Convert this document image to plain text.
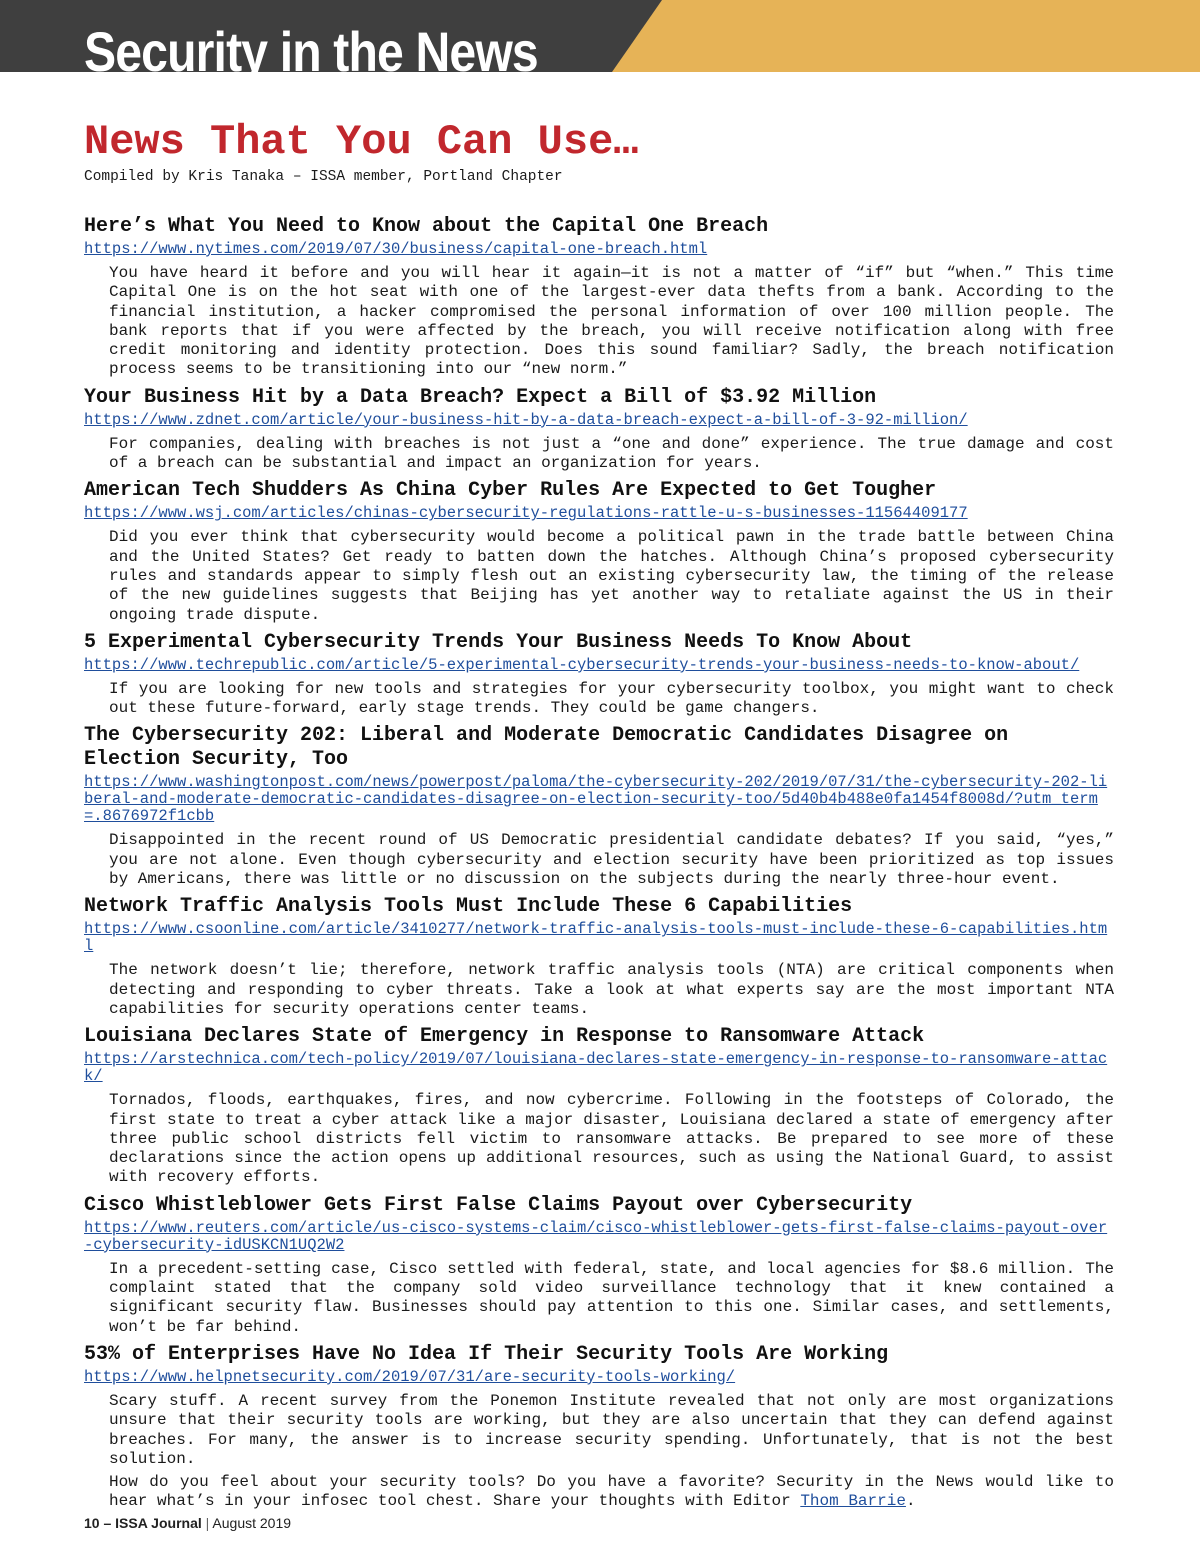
Security in the News
News That You Can Use…

Compiled by Kris Tanaka – ISSA member, Portland Chapter

Here’s What You Need to Know about the Capital One Breach
https://www.nytimes.com/2019/07/30/business/capital-one-breach.html

You have heard it before and you will hear it again—it is not a matter of “if” but “when.” This time Capital One is on the hot seat with one of the largest-ever data thefts from a bank. According to the financial institution, a hacker compromised the personal information of over 100 million people. The bank reports that if you were affected by the breach, you will receive notification along with free credit monitoring and identity protection. Does this sound familiar? Sadly, the breach notification process seems to be transitioning into our “new norm.”

Your Business Hit by a Data Breach? Expect a Bill of $3.92 Million
https://www.zdnet.com/article/your-business-hit-by-a-data-breach-expect-a-bill-of-3-92-million/

For companies, dealing with breaches is not just a “one and done” experience. The true damage and cost of a breach can be substantial and impact an organization for years.

American Tech Shudders As China Cyber Rules Are Expected to Get Tougher
https://www.wsj.com/articles/chinas-cybersecurity-regulations-rattle-u-s-businesses-11564409177

Did you ever think that cybersecurity would become a political pawn in the trade battle between China and the United States? Get ready to batten down the hatches. Although China’s proposed cybersecurity rules and standards appear to simply flesh out an existing cybersecurity law, the timing of the release of the new guidelines suggests that Beijing has yet another way to retaliate against the US in their ongoing trade dispute.

5 Experimental Cybersecurity Trends Your Business Needs To Know About
https://www.techrepublic.com/article/5-experimental-cybersecurity-trends-your-business-needs-to-know-about/

If you are looking for new tools and strategies for your cybersecurity toolbox, you might want to check out these future-forward, early stage trends. They could be game changers.

The Cybersecurity 202: Liberal and Moderate Democratic Candidates Disagree on Election Security, Too
https://www.washingtonpost.com/news/powerpost/paloma/the-cybersecurity-202/2019/07/31/the-cybersecurity-202-liberal-and-moderate-democratic-candidates-disagree-on-election-security-too/5d40b4b488e0fa1454f8008d/?utm_term=.8676972f1cbb

Disappointed in the recent round of US Democratic presidential candidate debates? If you said, “yes,” you are not alone. Even though cybersecurity and election security have been prioritized as top issues by Americans, there was little or no discussion on the subjects during the nearly three-hour event.

Network Traffic Analysis Tools Must Include These 6 Capabilities
https://www.csoonline.com/article/3410277/network-traffic-analysis-tools-must-include-these-6-capabilities.html

The network doesn’t lie; therefore, network traffic analysis tools (NTA) are critical components when detecting and responding to cyber threats. Take a look at what experts say are the most important NTA capabilities for security operations center teams.

Louisiana Declares State of Emergency in Response to Ransomware Attack
https://arstechnica.com/tech-policy/2019/07/louisiana-declares-state-emergency-in-response-to-ransomware-attack/

Tornados, floods, earthquakes, fires, and now cybercrime. Following in the footsteps of Colorado, the first state to treat a cyber attack like a major disaster, Louisiana declared a state of emergency after three public school districts fell victim to ransomware attacks. Be prepared to see more of these declarations since the action opens up additional resources, such as using the National Guard, to assist with recovery efforts.

Cisco Whistleblower Gets First False Claims Payout over Cybersecurity
https://www.reuters.com/article/us-cisco-systems-claim/cisco-whistleblower-gets-first-false-claims-payout-over-cybersecurity-idUSKCN1UQ2W2

In a precedent-setting case, Cisco settled with federal, state, and local agencies for $8.6 million. The complaint stated that the company sold video surveillance technology that it knew contained a significant security flaw. Businesses should pay attention to this one. Similar cases, and settlements, won’t be far behind.

53% of Enterprises Have No Idea If Their Security Tools Are Working
https://www.helpnetsecurity.com/2019/07/31/are-security-tools-working/

Scary stuff. A recent survey from the Ponemon Institute revealed that not only are most organizations unsure that their security tools are working, but they are also uncertain that they can defend against breaches. For many, the answer is to increase security spending. Unfortunately, that is not the best solution.

How do you feel about your security tools? Do you have a favorite? Security in the News would like to hear what’s in your infosec tool chest. Share your thoughts with Editor Thom Barrie.

10 – ISSA Journal | August 2019
